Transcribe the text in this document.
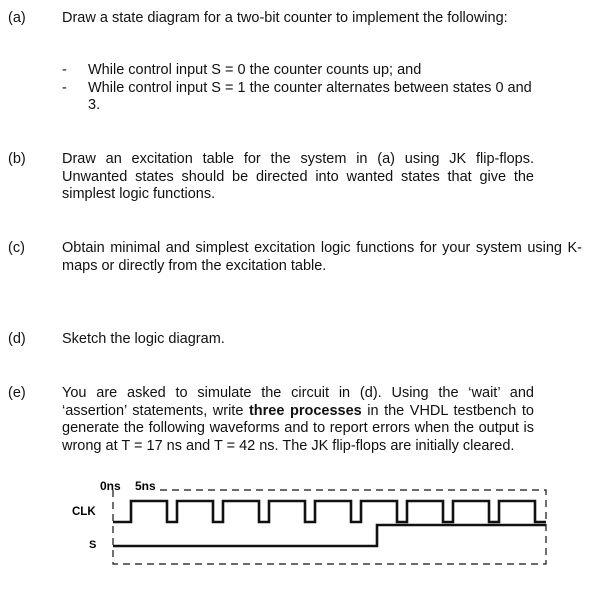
(a)	Draw a state diagram for a two-bit counter to implement the following:
- While control input S = 0 the counter counts up; and
- While control input S = 1 the counter alternates between states 0 and 3.
(b)	Draw an excitation table for the system in (a) using JK flip-flops. Unwanted states should be directed into wanted states that give the simplest logic functions.
(c)	Obtain minimal and simplest excitation logic functions for your system using K-maps or directly from the excitation table.
(d)	Sketch the logic diagram.
(e)	You are asked to simulate the circuit in (d). Using the ‘wait’ and ‘assertion’ statements, write three processes in the VHDL testbench to generate the following waveforms and to report errors when the output is wrong at T = 17 ns and T = 42 ns. The JK flip-flops are initially cleared.
0ns 5ns
CLK
S
